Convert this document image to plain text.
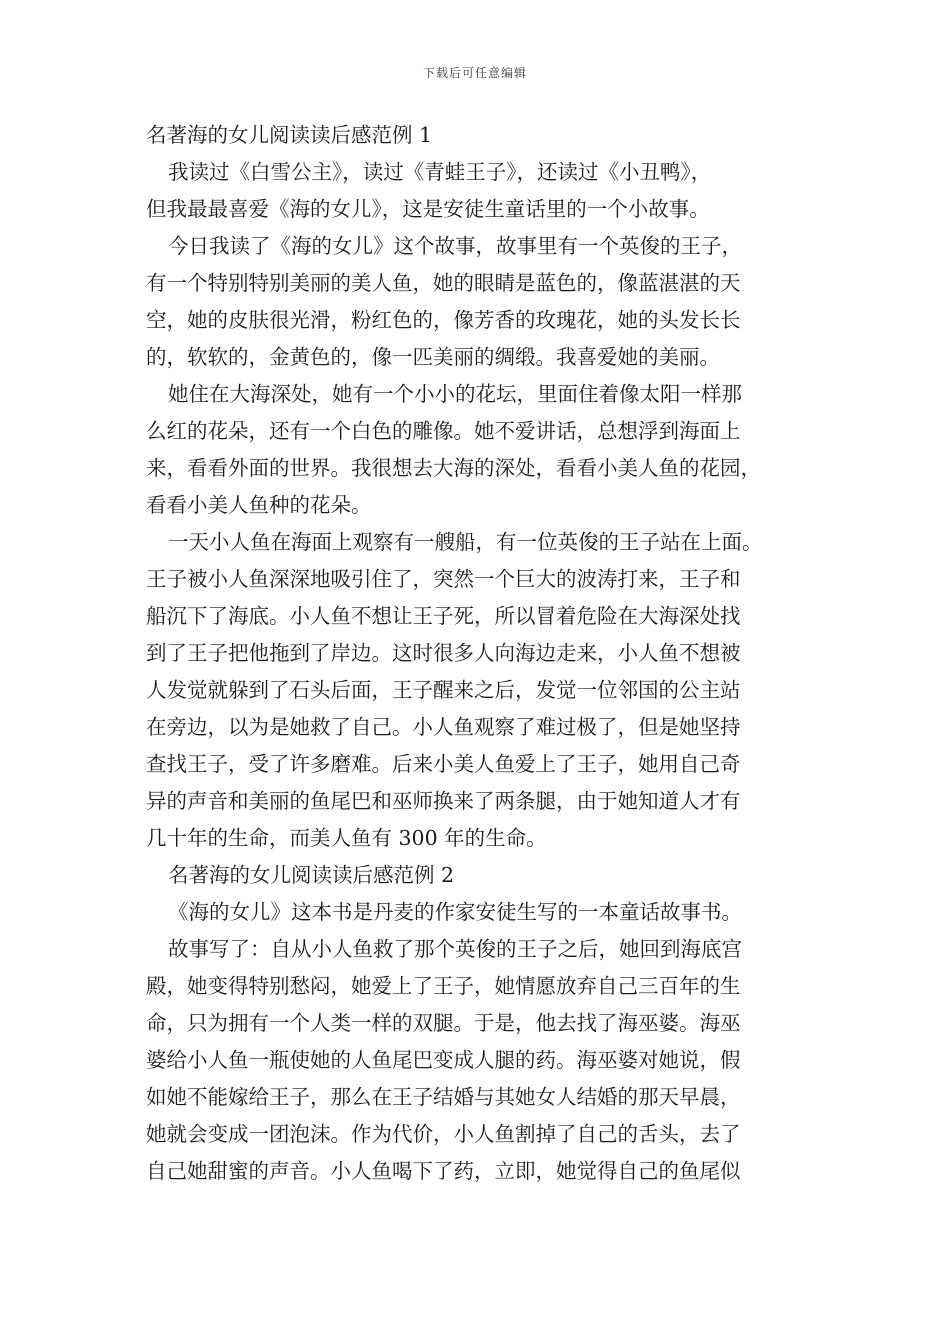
下载后可任意编辑
名著海的女儿阅读读后感范例 1
我读过《白雪公主》，读过《青蛙王子》，还读过《小丑鸭》，
但我最最喜爱《海的女儿》，这是安徒生童话里的一个小故事。
今日我读了《海的女儿》这个故事，故事里有一个英俊的王子，
有一个特别特别美丽的美人鱼，她的眼睛是蓝色的，像蓝湛湛的天
空，她的皮肤很光滑，粉红色的，像芳香的玫瑰花，她的头发长长
的，软软的，金黄色的，像一匹美丽的绸缎。我喜爱她的美丽。
她住在大海深处，她有一个小小的花坛，里面住着像太阳一样那
么红的花朵，还有一个白色的雕像。她不爱讲话，总想浮到海面上
来，看看外面的世界。我很想去大海的深处，看看小美人鱼的花园，
看看小美人鱼种的花朵。
一天小人鱼在海面上观察有一艘船，有一位英俊的王子站在上面。
王子被小人鱼深深地吸引住了，突然一个巨大的波涛打来，王子和
船沉下了海底。小人鱼不想让王子死，所以冒着危险在大海深处找
到了王子把他拖到了岸边。这时很多人向海边走来，小人鱼不想被
人发觉就躲到了石头后面，王子醒来之后，发觉一位邻国的公主站
在旁边，以为是她救了自己。小人鱼观察了难过极了，但是她坚持
查找王子，受了许多磨难。后来小美人鱼爱上了王子，她用自己奇
异的声音和美丽的鱼尾巴和巫师换来了两条腿，由于她知道人才有
几十年的生命，而美人鱼有 300 年的生命。
名著海的女儿阅读读后感范例 2
《海的女儿》这本书是丹麦的作家安徒生写的一本童话故事书。
故事写了：自从小人鱼救了那个英俊的王子之后，她回到海底宫
殿，她变得特别愁闷，她爱上了王子，她情愿放弃自己三百年的生
命，只为拥有一个人类一样的双腿。于是，他去找了海巫婆。海巫
婆给小人鱼一瓶使她的人鱼尾巴变成人腿的药。海巫婆对她说，假
如她不能嫁给王子，那么在王子结婚与其她女人结婚的那天早晨，
她就会变成一团泡沫。作为代价，小人鱼割掉了自己的舌头，去了
自己她甜蜜的声音。小人鱼喝下了药，立即，她觉得自己的鱼尾似
